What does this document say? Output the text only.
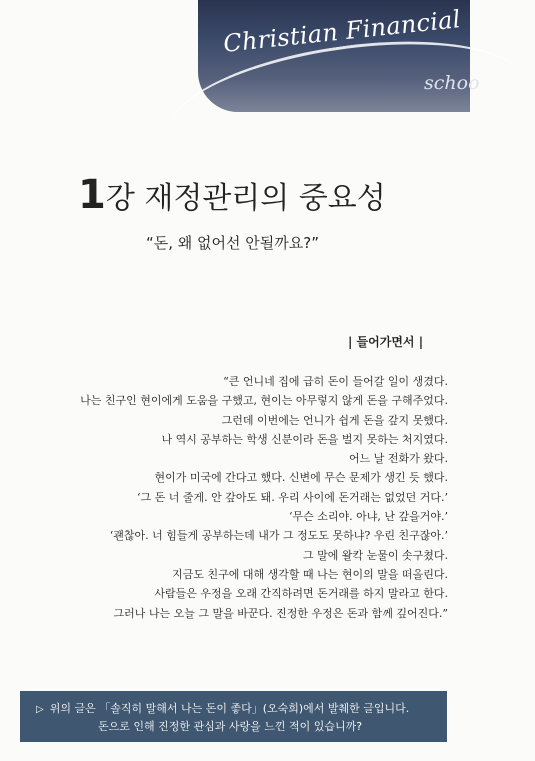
Christian Financial
schoo
1강 재정관리의 중요성
“돈, 왜 없어선 안될까요?”
| 들어가면서 |

“큰 언니네 집에 급히 돈이 들어갈 일이 생겼다.

나는 친구인 현이에게 도움을 구했고, 현이는 아무렇지 않게 돈을 구해주었다.

그런데 이번에는 언니가 쉽게 돈을 갚지 못했다.

나 역시 공부하는 학생 신분이라 돈을 벌지 못하는 처지였다.

어느 날 전화가 왔다.

현이가 미국에 간다고 했다. 신변에 무슨 문제가 생긴 듯 했다.

‘그 돈 너 줄게. 안 갚아도 돼. 우리 사이에 돈거래는 없었던 거다.’

‘무슨 소리야. 아냐, 난 갚을거야.’

‘괜찮아. 너 힘들게 공부하는데 내가 그 정도도 못하냐? 우린 친구잖아.’

그 말에 왈칵 눈물이 솟구쳤다.

지금도 친구에 대해 생각할 때 나는 현이의 말을 떠올린다.

사람들은 우정을 오래 간직하려면 돈거래를 하지 말라고 한다.

그러나 나는 오늘 그 말을 바꾼다. 진정한 우정은 돈과 함께 깊어진다.”

▷ 위의 글은 「솔직히 말해서 나는 돈이 좋다」(오숙희)에서 발췌한 글입니다.

돈으로 인해 진정한 관심과 사랑을 느낀 적이 있습니까?
